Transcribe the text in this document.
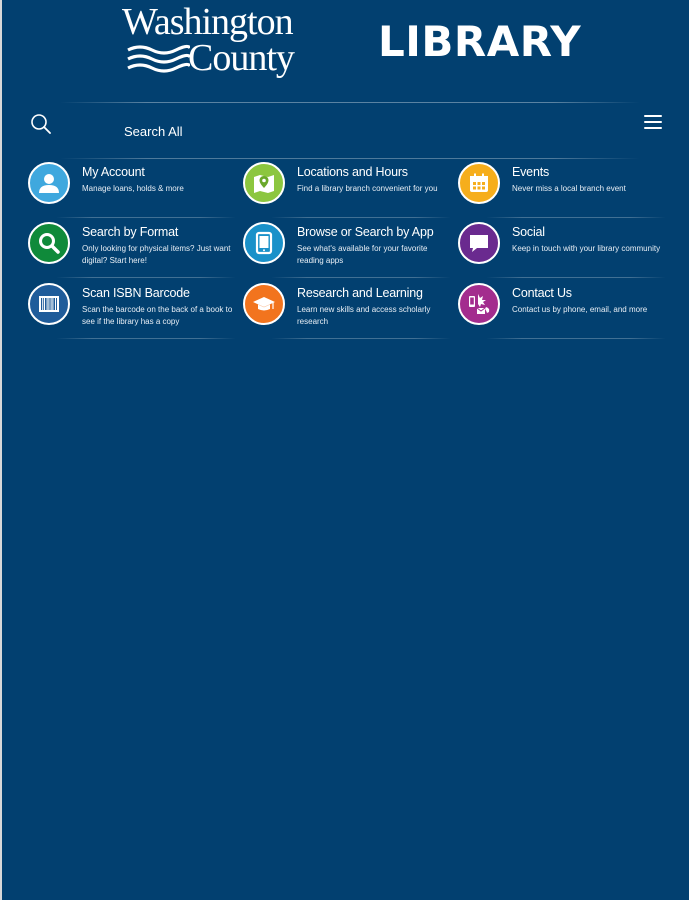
Washington
County LIBRARY
Search All
My Account
Manage loans, holds & more
Locations and Hours
Find a library branch convenient for you
Events
Never miss a local branch event
Search by Format
Only looking for physical items? Just want digital? Start here!
Browse or Search by App
See what's available for your favorite reading apps
Social
Keep in touch with your library community
Scan ISBN Barcode
Scan the barcode on the back of a book to see if the library has a copy
Research and Learning
Learn new skills and access scholarly research
Contact Us
Contact us by phone, email, and more
